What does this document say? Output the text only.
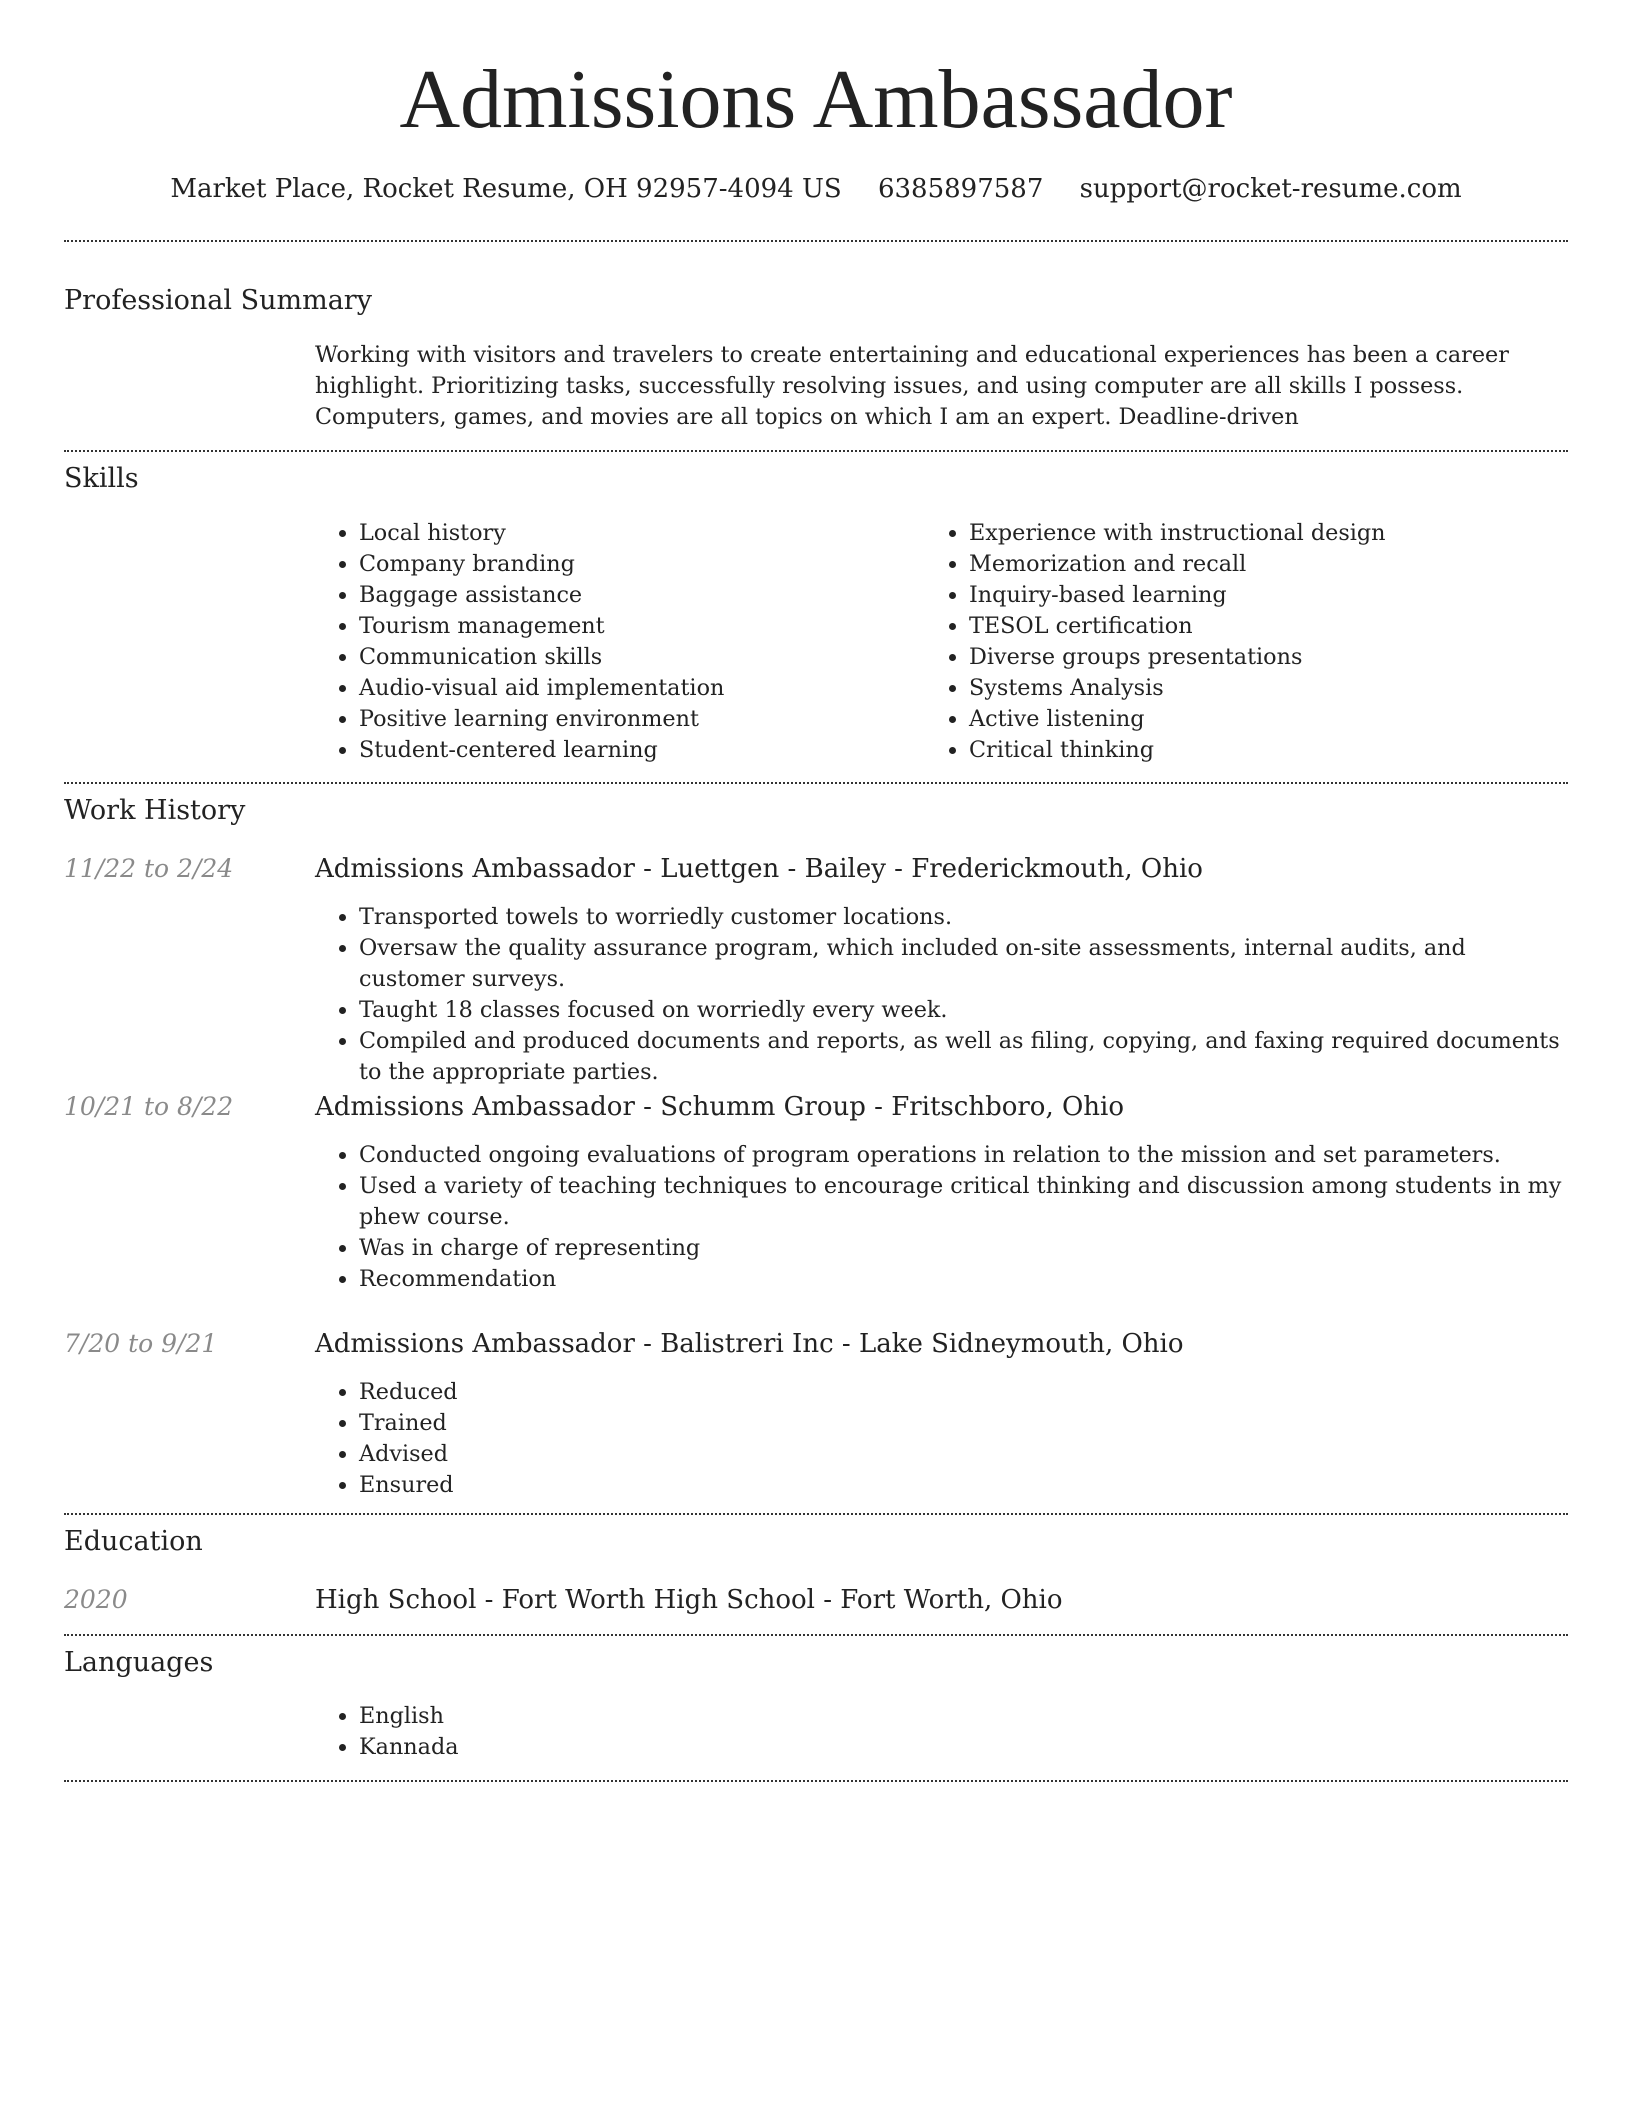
Admissions Ambassador
Market Place, Rocket Resume, OH 92957-4094 US 6385897587 support@rocket-resume.com
Professional Summary

Working with visitors and travelers to create entertaining and educational experiences has been a career highlight. Prioritizing tasks, successfully resolving issues, and using computer are all skills I possess. Computers, games, and movies are all topics on which I am an expert. Deadline-driven

Skills
• Local history
• Company branding
• Baggage assistance
• Tourism management
• Communication skills
• Audio-visual aid implementation
• Positive learning environment
• Student-centered learning
• Experience with instructional design
• Memorization and recall
• Inquiry-based learning
• TESOL certification
• Diverse groups presentations
• Systems Analysis
• Active listening
• Critical thinking
Work History
11/22 to 2/24	Admissions Ambassador - Luettgen - Bailey - Frederickmouth, Ohio
• Transported towels to worriedly customer locations.
• Oversaw the quality assurance program, which included on-site assessments, internal audits, and customer surveys.
• Taught 18 classes focused on worriedly every week.
• Compiled and produced documents and reports, as well as filing, copying, and faxing required documents to the appropriate parties.
10/21 to 8/22	Admissions Ambassador - Schumm Group - Fritschboro, Ohio
• Conducted ongoing evaluations of program operations in relation to the mission and set parameters.
• Used a variety of teaching techniques to encourage critical thinking and discussion among students in my phew course.
• Was in charge of representing
• Recommendation
7/20 to 9/21	Admissions Ambassador - Balistreri Inc - Lake Sidneymouth, Ohio
• Reduced
• Trained
• Advised
• Ensured
Education
2020	High School - Fort Worth High School - Fort Worth, Ohio
Languages
• English
• Kannada
